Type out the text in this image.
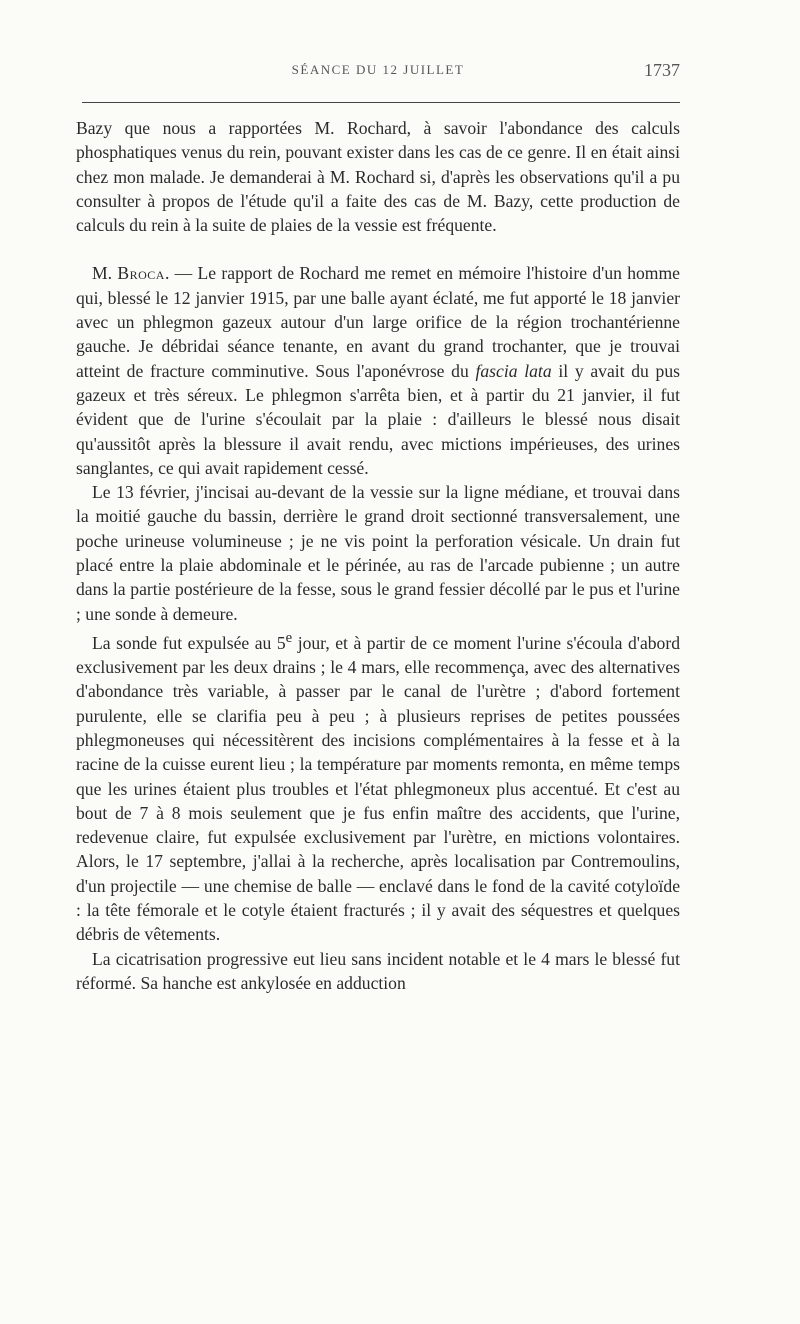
SÉANCE DU 12 JUILLET	1737

Bazy que nous a rapportées M. Rochard, à savoir l'abondance des calculs phosphatiques venus du rein, pouvant exister dans les cas de ce genre. Il en était ainsi chez mon malade. Je demanderai à M. Rochard si, d'après les observations qu'il a pu consulter à propos de l'étude qu'il a faite des cas de M. Bazy, cette production de calculs du rein à la suite de plaies de la vessie est fréquente.

M. Broca. — Le rapport de Rochard me remet en mémoire l'histoire d'un homme qui, blessé le 12 janvier 1915, par une balle ayant éclaté, me fut apporté le 18 janvier avec un phlegmon gazeux autour d'un large orifice de la région trochantérienne gauche. Je débridai séance tenante, en avant du grand trochanter, que je trouvai atteint de fracture comminutive. Sous l'aponévrose du fascia lata il y avait du pus gazeux et très séreux. Le phlegmon s'arrêta bien, et à partir du 21 janvier, il fut évident que de l'urine s'écoulait par la plaie : d'ailleurs le blessé nous disait qu'aussitôt après la blessure il avait rendu, avec mictions impérieuses, des urines sanglantes, ce qui avait rapidement cessé.

Le 13 février, j'incisai au-devant de la vessie sur la ligne médiane, et trouvai dans la moitié gauche du bassin, derrière le grand droit sectionné transversalement, une poche urineuse volumineuse ; je ne vis point la perforation vésicale. Un drain fut placé entre la plaie abdominale et le périnée, au ras de l'arcade pubienne ; un autre dans la partie postérieure de la fesse, sous le grand fessier décollé par le pus et l'urine ; une sonde à demeure.

La sonde fut expulsée au 5e jour, et à partir de ce moment l'urine s'écoula d'abord exclusivement par les deux drains ; le 4 mars, elle recommença, avec des alternatives d'abondance très variable, à passer par le canal de l'urètre ; d'abord fortement purulente, elle se clarifia peu à peu ; à plusieurs reprises de petites poussées phlegmoneuses qui nécessitèrent des incisions complémentaires à la fesse et à la racine de la cuisse eurent lieu ; la température par moments remonta, en même temps que les urines étaient plus troubles et l'état phlegmoneux plus accentué. Et c'est au bout de 7 à 8 mois seulement que je fus enfin maître des accidents, que l'urine, redevenue claire, fut expulsée exclusivement par l'urètre, en mictions volontaires. Alors, le 17 septembre, j'allai à la recherche, après localisation par Contremoulins, d'un projectile — une chemise de balle — enclavé dans le fond de la cavité cotyloïde : la tête fémorale et le cotyle étaient fracturés ; il y avait des séquestres et quelques débris de vêtements.

La cicatrisation progressive eut lieu sans incident notable et le 4 mars le blessé fut réformé. Sa hanche est ankylosée en adduction
